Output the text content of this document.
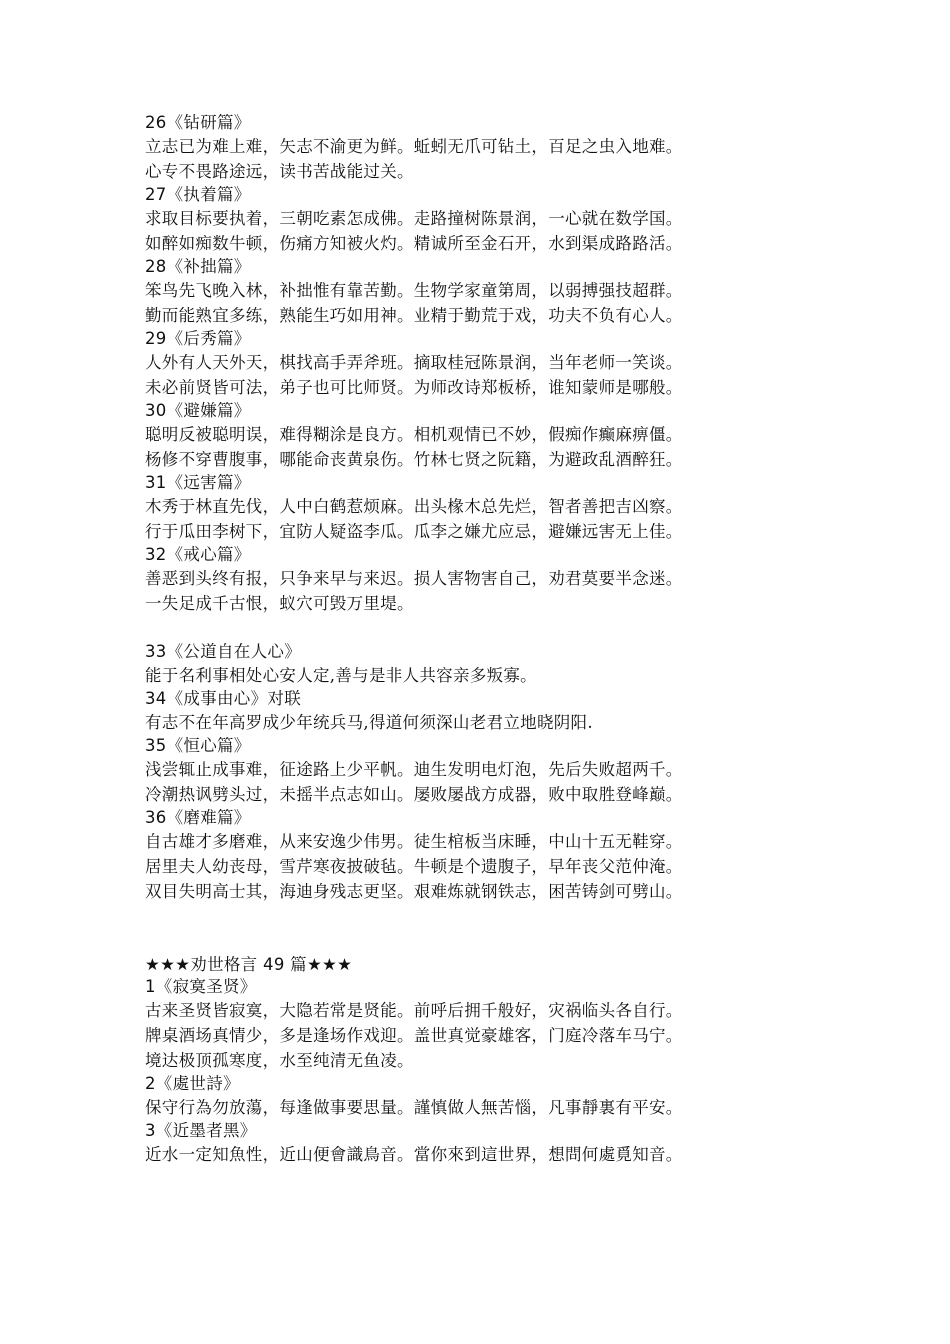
26《钻研篇》
立志已为难上难，矢志不渝更为鲜。蚯蚓无爪可钻土，百足之虫入地难。
心专不畏路途远，读书苦战能过关。
27《执着篇》
求取目标要执着，三朝吃素怎成佛。走路撞树陈景润，一心就在数学国。
如醉如痴数牛顿，伤痛方知被火灼。精诚所至金石开，水到渠成路路活。
28《补拙篇》
笨鸟先飞晚入林，补拙惟有靠苦勤。生物学家童第周，以弱搏强技超群。
勤而能熟宜多练，熟能生巧如用神。业精于勤荒于戏，功夫不负有心人。
29《后秀篇》
人外有人天外天，棋找高手弄斧班。摘取桂冠陈景润，当年老师一笑谈。
未必前贤皆可法，弟子也可比师贤。为师改诗郑板桥，谁知蒙师是哪般。
30《避嫌篇》
聪明反被聪明误，难得糊涂是良方。相机观情已不妙，假痴作癫麻痹僵。
杨修不穿曹腹事，哪能命丧黄泉伤。竹林七贤之阮籍，为避政乱酒醉狂。
31《远害篇》
木秀于林直先伐，人中白鹤惹烦麻。出头椽木总先烂，智者善把吉凶察。
行于瓜田李树下，宜防人疑盗李瓜。瓜李之嫌尤应忌，避嫌远害无上佳。
32《戒心篇》
善恶到头终有报，只争来早与来迟。损人害物害自己，劝君莫要半念迷。
一失足成千古恨，蚁穴可毁万里堤。
33《公道自在人心》
能于名利事相处心安人定,善与是非人共容亲多叛寡。
34《成事由心》对联
有志不在年高罗成少年统兵马,得道何须深山老君立地晓阴阳.
35《恒心篇》
浅尝辄止成事难，征途路上少平帆。迪生发明电灯泡，先后失败超两千。
冷潮热讽劈头过，未摇半点志如山。屡败屡战方成器，败中取胜登峰巅。
36《磨难篇》
自古雄才多磨难，从来安逸少伟男。徒生棺板当床睡，中山十五无鞋穿。
居里夫人幼丧母，雪芹寒夜披破毡。牛顿是个遗腹子，早年丧父范仲淹。
双目失明高士其，海迪身残志更坚。艰难炼就钢铁志，困苦铸剑可劈山。
★★★劝世格言 49 篇★★★
1《寂寞圣贤》
古来圣贤皆寂寞，大隐若常是贤能。前呼后拥千般好，灾祸临头各自行。
牌桌酒场真情少，多是逢场作戏迎。盖世真觉豪雄客，门庭冷落车马宁。
境达极顶孤寒度，水至纯清无鱼凌。
2《處世詩》
保守行為勿放蕩，每逢做事要思量。謹慎做人無苦惱，凡事靜裏有平安。
3《近墨者黑》
近水一定知魚性，近山便會識鳥音。當你來到這世界，想問何處覓知音。
